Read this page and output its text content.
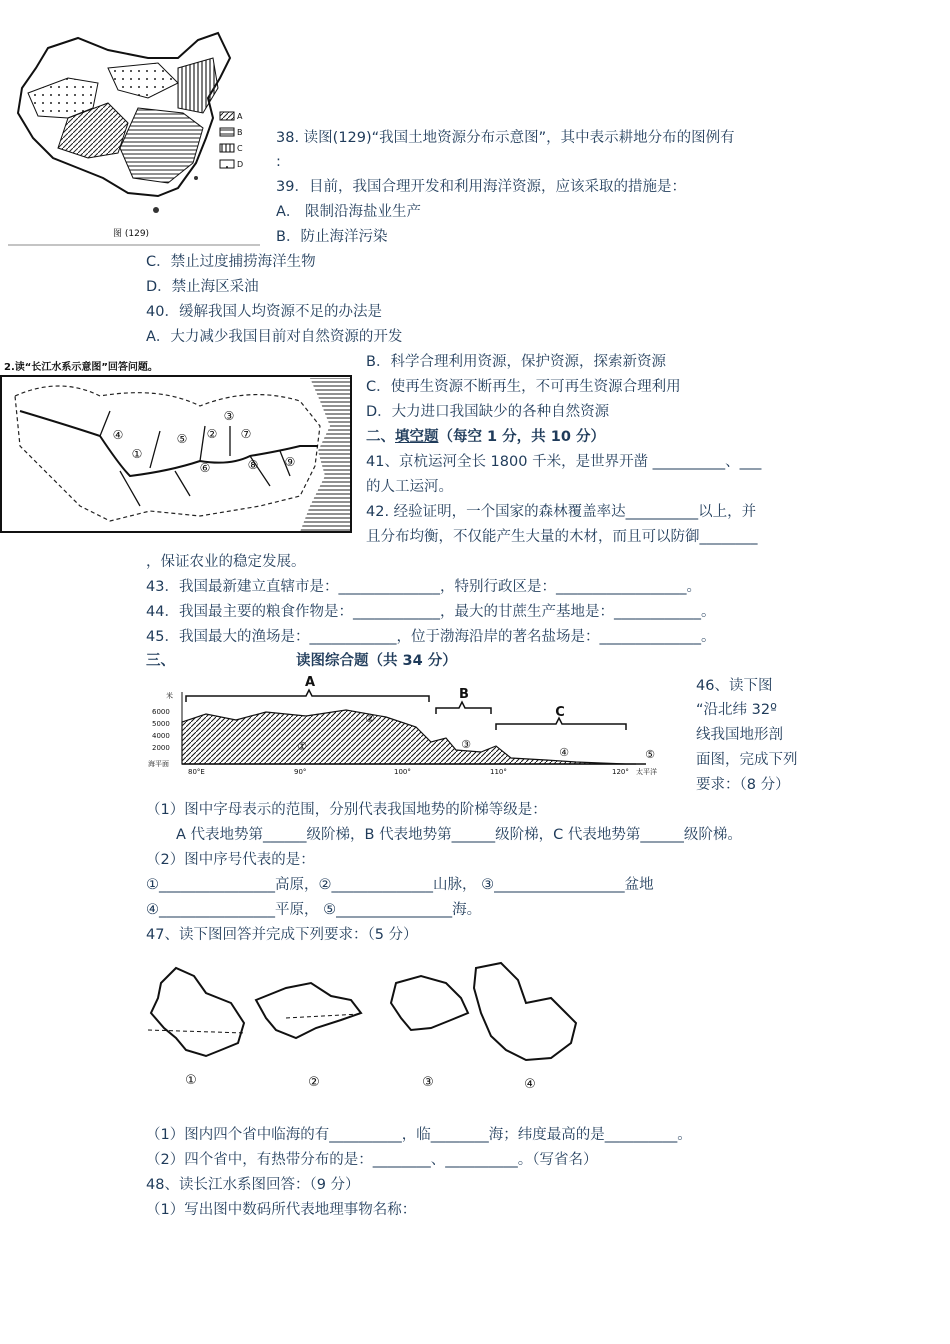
A
B
C
D
图 (129)
38. 读图(129)“我国土地资源分布示意图”，其中表示耕地分布的图例有
:
39．目前，我国合理开发和利用海洋资源，应该采取的措施是：
A． 限制沿海盐业生产
B．防止海洋污染
C．禁止过度捕捞海洋生物
D．禁止海区采油
40．缓解我国人均资源不足的办法是
A．大力减少我国目前对自然资源的开发
2.读“长江水系示意图”回答问题。
①
②
③
④	⑤
⑥
⑦
⑧ ⑨
B．科学合理利用资源，保护资源，探索新资源
C．使再生资源不断再生，不可再生资源合理利用
D．大力进口我国缺少的各种自然资源
二、填空题（每空 1 分，共 10 分）
41、京杭运河全长 1800 千米，是世界开凿 __________、___
的人工运河。
42. 经验证明，一个国家的森林覆盖率达__________以上，并
且分布均衡，不仅能产生大量的木材，而且可以防御________
，保证农业的稳定发展。
43．我国最新建立直辖市是：______________，特别行政区是：__________________。
44．我国最主要的粮食作物是：____________，最大的甘蔗生产基地是：____________。
45．我国最大的渔场是：____________，位于渤海沿岸的著名盐场是：______________。
三、	读图综合题（共 34 分）
A
B
C
①
②
③
④	⑤
米
6000
5000
4000
2000
海平面
80°E	90°	100°	110°	120° 太平洋
46、读下图
“沿北纬 32º
线我国地形剖
面图，完成下列
要求：（8 分）
（1）图中字母表示的范围，分别代表我国地势的阶梯等级是：
A 代表地势第______级阶梯，B 代表地势第______级阶梯，C 代表地势第______级阶梯。
（2）图中序号代表的是：
①________________高原，②______________山脉， ③__________________盆地
④________________平原， ⑤________________海。
47、读下图回答并完成下列要求：（5 分）
①	②	③	④
（1）图内四个省中临海的有__________，临________海；纬度最高的是__________。
（2）四个省中，有热带分布的是：________、__________。（写省名）
48、读长江水系图回答：（9 分）
（1）写出图中数码所代表地理事物名称：
